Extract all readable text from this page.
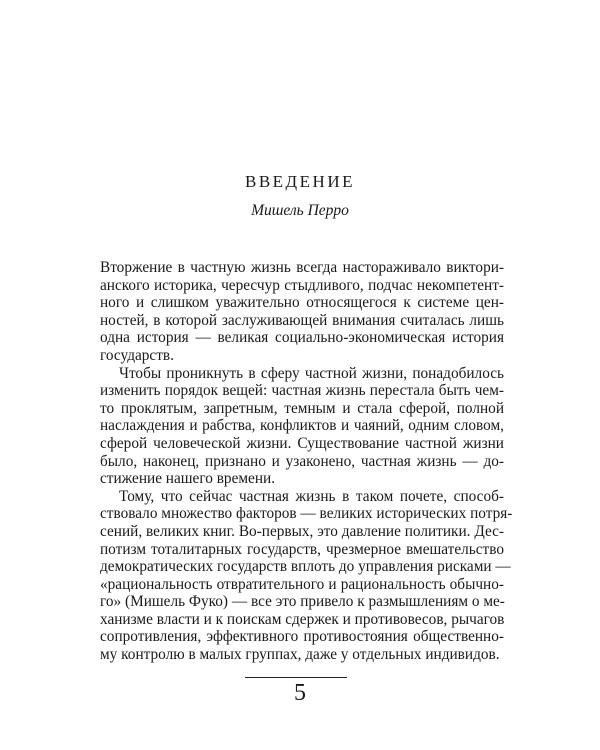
ВВЕДЕНИЕ
Мишель Перро
Вторжение в частную жизнь всегда настораживало виктори-
анского историка, чересчур стыдливого, подчас некомпетент-
ного и слишком уважительно относящегося к системе цен-
ностей, в которой заслуживающей внимания считалась лишь
одна история — великая социально-экономическая история
государств.
Чтобы проникнуть в сферу частной жизни, понадобилось
изменить порядок вещей: частная жизнь перестала быть чем-
то проклятым, запретным, темным и стала сферой, полной
наслаждения и рабства, конфликтов и чаяний, одним словом,
сферой человеческой жизни. Существование частной жизни
было, наконец, признано и узаконено, частная жизнь — до-
стижение нашего времени.
Тому, что сейчас частная жизнь в таком почете, способ-
ствовало множество факторов — великих исторических потря-
сений, великих книг. Во-первых, это давление политики. Дес-
потизм тоталитарных государств, чрезмерное вмешательство
демократических государств вплоть до управления рисками —
«рациональность отвратительного и рациональность обычно-
го» (Мишель Фуко) — все это привело к размышлениям о ме-
ханизме власти и к поискам сдержек и противовесов, рычагов
сопротивления, эффективного противостояния общественно-
му контролю в малых группах, даже у отдельных индивидов.
5
